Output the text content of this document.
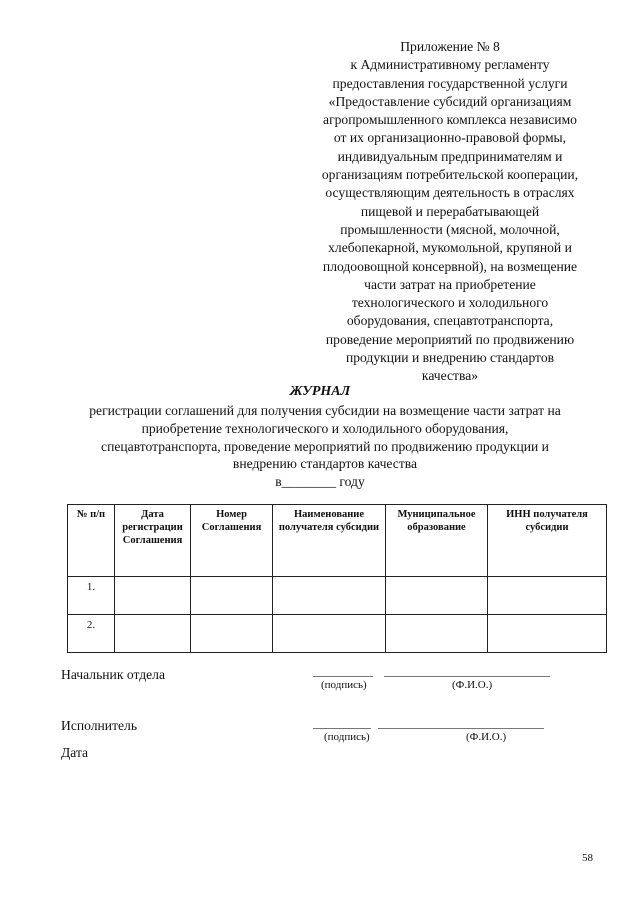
Приложение № 8
к Административному регламенту
предоставления государственной услуги
«Предоставление субсидий организациям
агропромышленного комплекса независимо
от их организационно-правовой формы,
индивидуальным предпринимателям и
организациям потребительской кооперации,
осуществляющим деятельность в отраслях
пищевой и перерабатывающей
промышленности (мясной, молочной,
хлебопекарной, мукомольной, крупяной и
плодоовощной консервной), на возмещение
части затрат на приобретение
технологического и холодильного
оборудования, спецавтотранспорта,
проведение мероприятий по продвижению
продукции и внедрению стандартов
качества»
ЖУРНАЛ
регистрации соглашений для получения субсидии на возмещение части затрат на
приобретение технологического и холодильного оборудования,
спецавтотранспорта, проведение мероприятий по продвижению продукции и
внедрению стандартов качества
в________ году
№ п/п	Дата регистрации Соглашения	Номер Соглашения	Наименование получателя субсидии	Муниципальное образование	ИНН получателя субсидии
1.					
2.					
Начальник отдела
(подпись)	(Ф.И.О.)
Исполнитель
(подпись)	(Ф.И.О.)
Дата
58
